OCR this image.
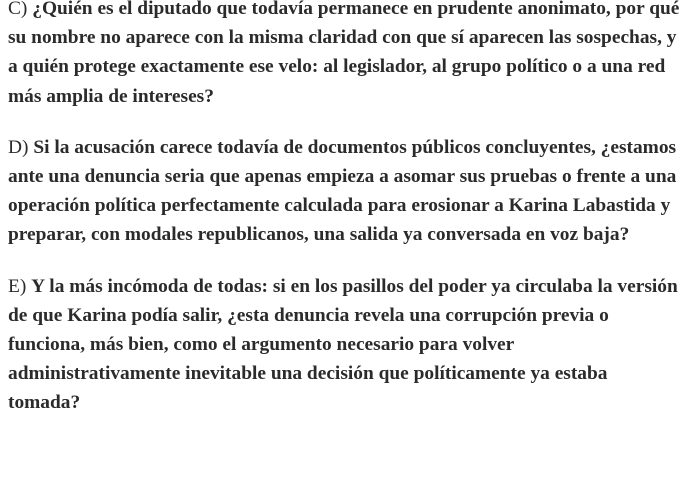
C) ¿Quién es el diputado que todavía permanece en prudente anonimato, por qué su nombre no aparece con la misma claridad con que sí aparecen las sospechas, y a quién protege exactamente ese velo: al legislador, al grupo político o a una red más amplia de intereses?

D) Si la acusación carece todavía de documentos públicos concluyentes, ¿estamos ante una denuncia seria que apenas empieza a asomar sus pruebas o frente a una operación política perfectamente calculada para erosionar a Karina Labastida y preparar, con modales republicanos, una salida ya conversada en voz baja?

E) Y la más incómoda de todas: si en los pasillos del poder ya circulaba la versión de que Karina podía salir, ¿esta denuncia revela una corrupción previa o funciona, más bien, como el argumento necesario para volver administrativamente inevitable una decisión que políticamente ya estaba tomada?
